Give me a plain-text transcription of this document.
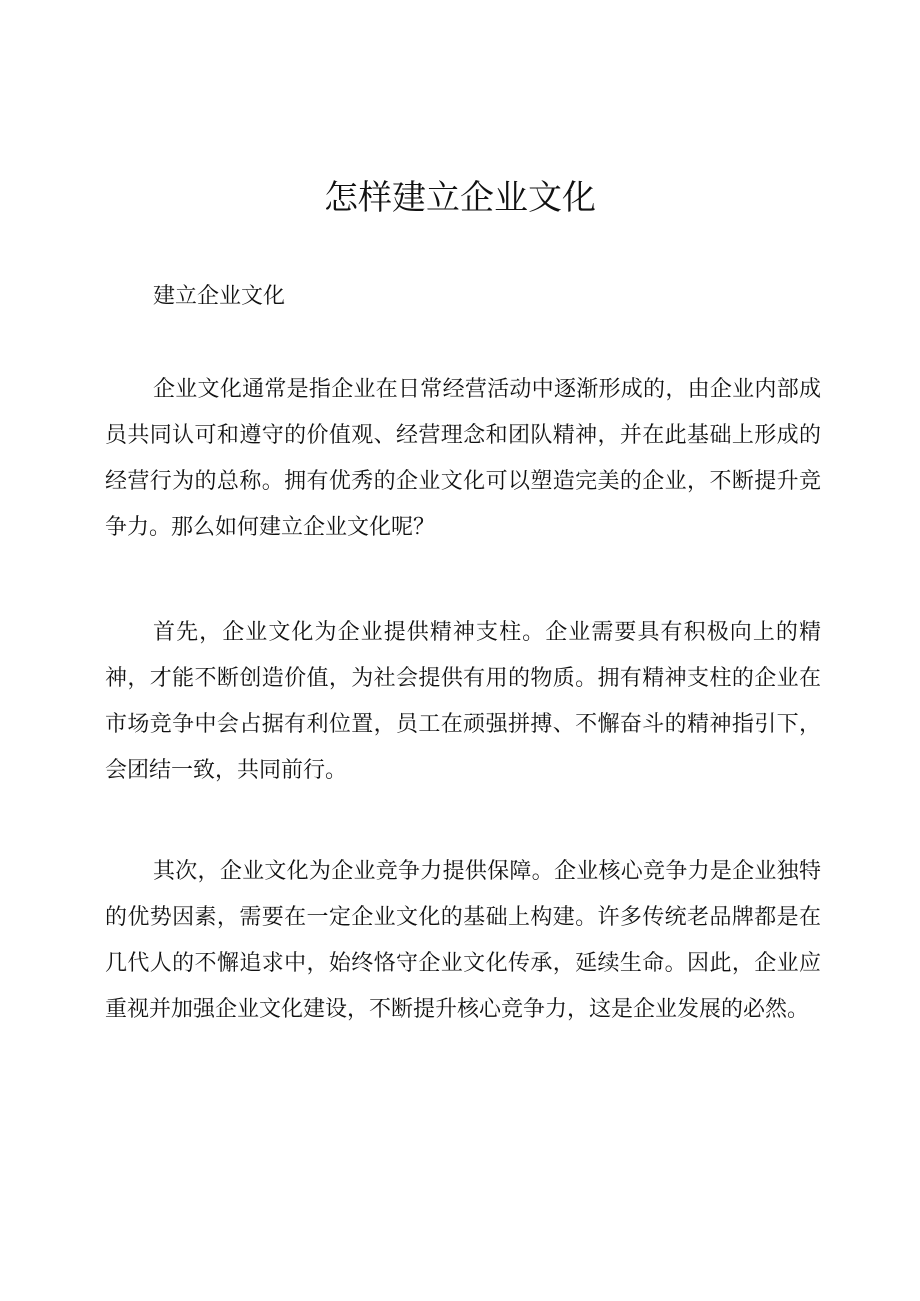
怎样建立企业文化

建立企业文化

企业文化通常是指企业在日常经营活动中逐渐形成的，由企业内部成员共同认可和遵守的价值观、经营理念和团队精神，并在此基础上形成的经营行为的总称。拥有优秀的企业文化可以塑造完美的企业，不断提升竞争力。那么如何建立企业文化呢？

首先，企业文化为企业提供精神支柱。企业需要具有积极向上的精神，才能不断创造价值，为社会提供有用的物质。拥有精神支柱的企业在市场竞争中会占据有利位置，员工在顽强拼搏、不懈奋斗的精神指引下，会团结一致，共同前行。

其次，企业文化为企业竞争力提供保障。企业核心竞争力是企业独特的优势因素，需要在一定企业文化的基础上构建。许多传统老品牌都是在几代人的不懈追求中，始终恪守企业文化传承，延续生命。因此，企业应重视并加强企业文化建设，不断提升核心竞争力，这是企业发展的必然。
